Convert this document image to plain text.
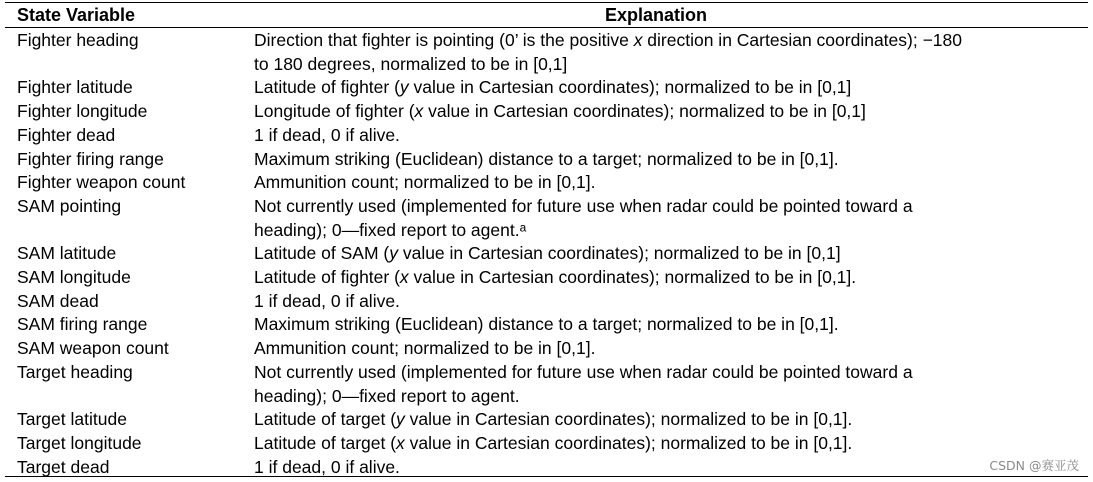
State Variable	Explanation
Fighter heading	Direction that fighter is pointing (0’ is the positive x direction in Cartesian coordinates); −180
to 180 degrees, normalized to be in [0,1]
Fighter latitude	Latitude of fighter (y value in Cartesian coordinates); normalized to be in [0,1]
Fighter longitude	Longitude of fighter (x value in Cartesian coordinates); normalized to be in [0,1]
Fighter dead	1 if dead, 0 if alive.
Fighter firing range	Maximum striking (Euclidean) distance to a target; normalized to be in [0,1].
Fighter weapon count	Ammunition count; normalized to be in [0,1].
SAM pointing	Not currently used (implemented for future use when radar could be pointed toward a
heading); 0—fixed report to agent.ᵃ
SAM latitude	Latitude of SAM (y value in Cartesian coordinates); normalized to be in [0,1]
SAM longitude	Latitude of fighter (x value in Cartesian coordinates); normalized to be in [0,1].
SAM dead	1 if dead, 0 if alive.
SAM firing range	Maximum striking (Euclidean) distance to a target; normalized to be in [0,1].
SAM weapon count	Ammunition count; normalized to be in [0,1].
Target heading	Not currently used (implemented for future use when radar could be pointed toward a
heading); 0—fixed report to agent.
Target latitude	Latitude of target (y value in Cartesian coordinates); normalized to be in [0,1].
Target longitude	Latitude of target (x value in Cartesian coordinates); normalized to be in [0,1].
Target dead	1 if dead, 0 if alive.	CSDN @赛亚茂
